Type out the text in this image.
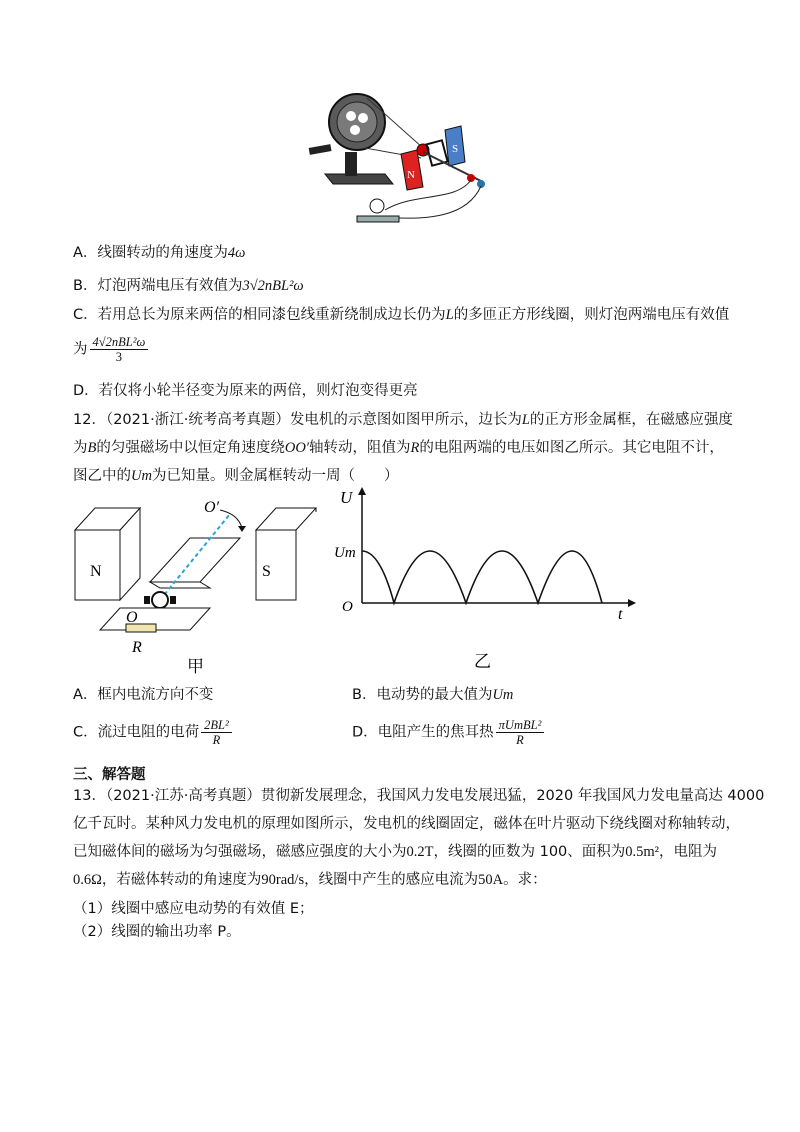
N
S
A．线圈转动的角速度为4ω
B．灯泡两端电压有效值为3√2nBL²ω
C．若用总长为原来两倍的相同漆包线重新绕制成边长仍为L的多匝正方形线圈，则灯泡两端电压有效值
为 $\frac{\text{4√2nBL²ω}}{3}$
D．若仅将小轮半径变为原来的两倍，则灯泡变得更亮
12．（2021·浙江·统考高考真题）发电机的示意图如图甲所示，边长为L的正方形金属框，在磁感应强度
为B的匀强磁场中以恒定角速度绕OO′轴转动，阻值为R的电阻两端的电压如图乙所示。其它电阻不计，
图乙中的Um为已知量。则金属框转动一周（　　）
N	S
O′
O
R
甲
U
Um
O	t
乙
A．框内电流方向不变	B．电动势的最大值为Um
C．流过电阻的电荷 $\frac{\text{2BL²}}{R}$	D．电阻产生的焦耳热 $\frac{\text{πUmBL²}}{R}$
三、解答题
13．（2021·江苏·高考真题）贯彻新发展理念，我国风力发电发展迅猛，2020 年我国风力发电量高达 4000
亿千瓦时。某种风力发电机的原理如图所示，发电机的线圈固定，磁体在叶片驱动下绕线圈对称轴转动，
已知磁体间的磁场为匀强磁场，磁感应强度的大小为0.2T，线圈的匝数为 100、面积为0.5m²，电阻为
0.6Ω，若磁体转动的角速度为90rad/s，线圈中产生的感应电流为50A。求：
（1）线圈中感应电动势的有效值 E；
（2）线圈的输出功率 P。
